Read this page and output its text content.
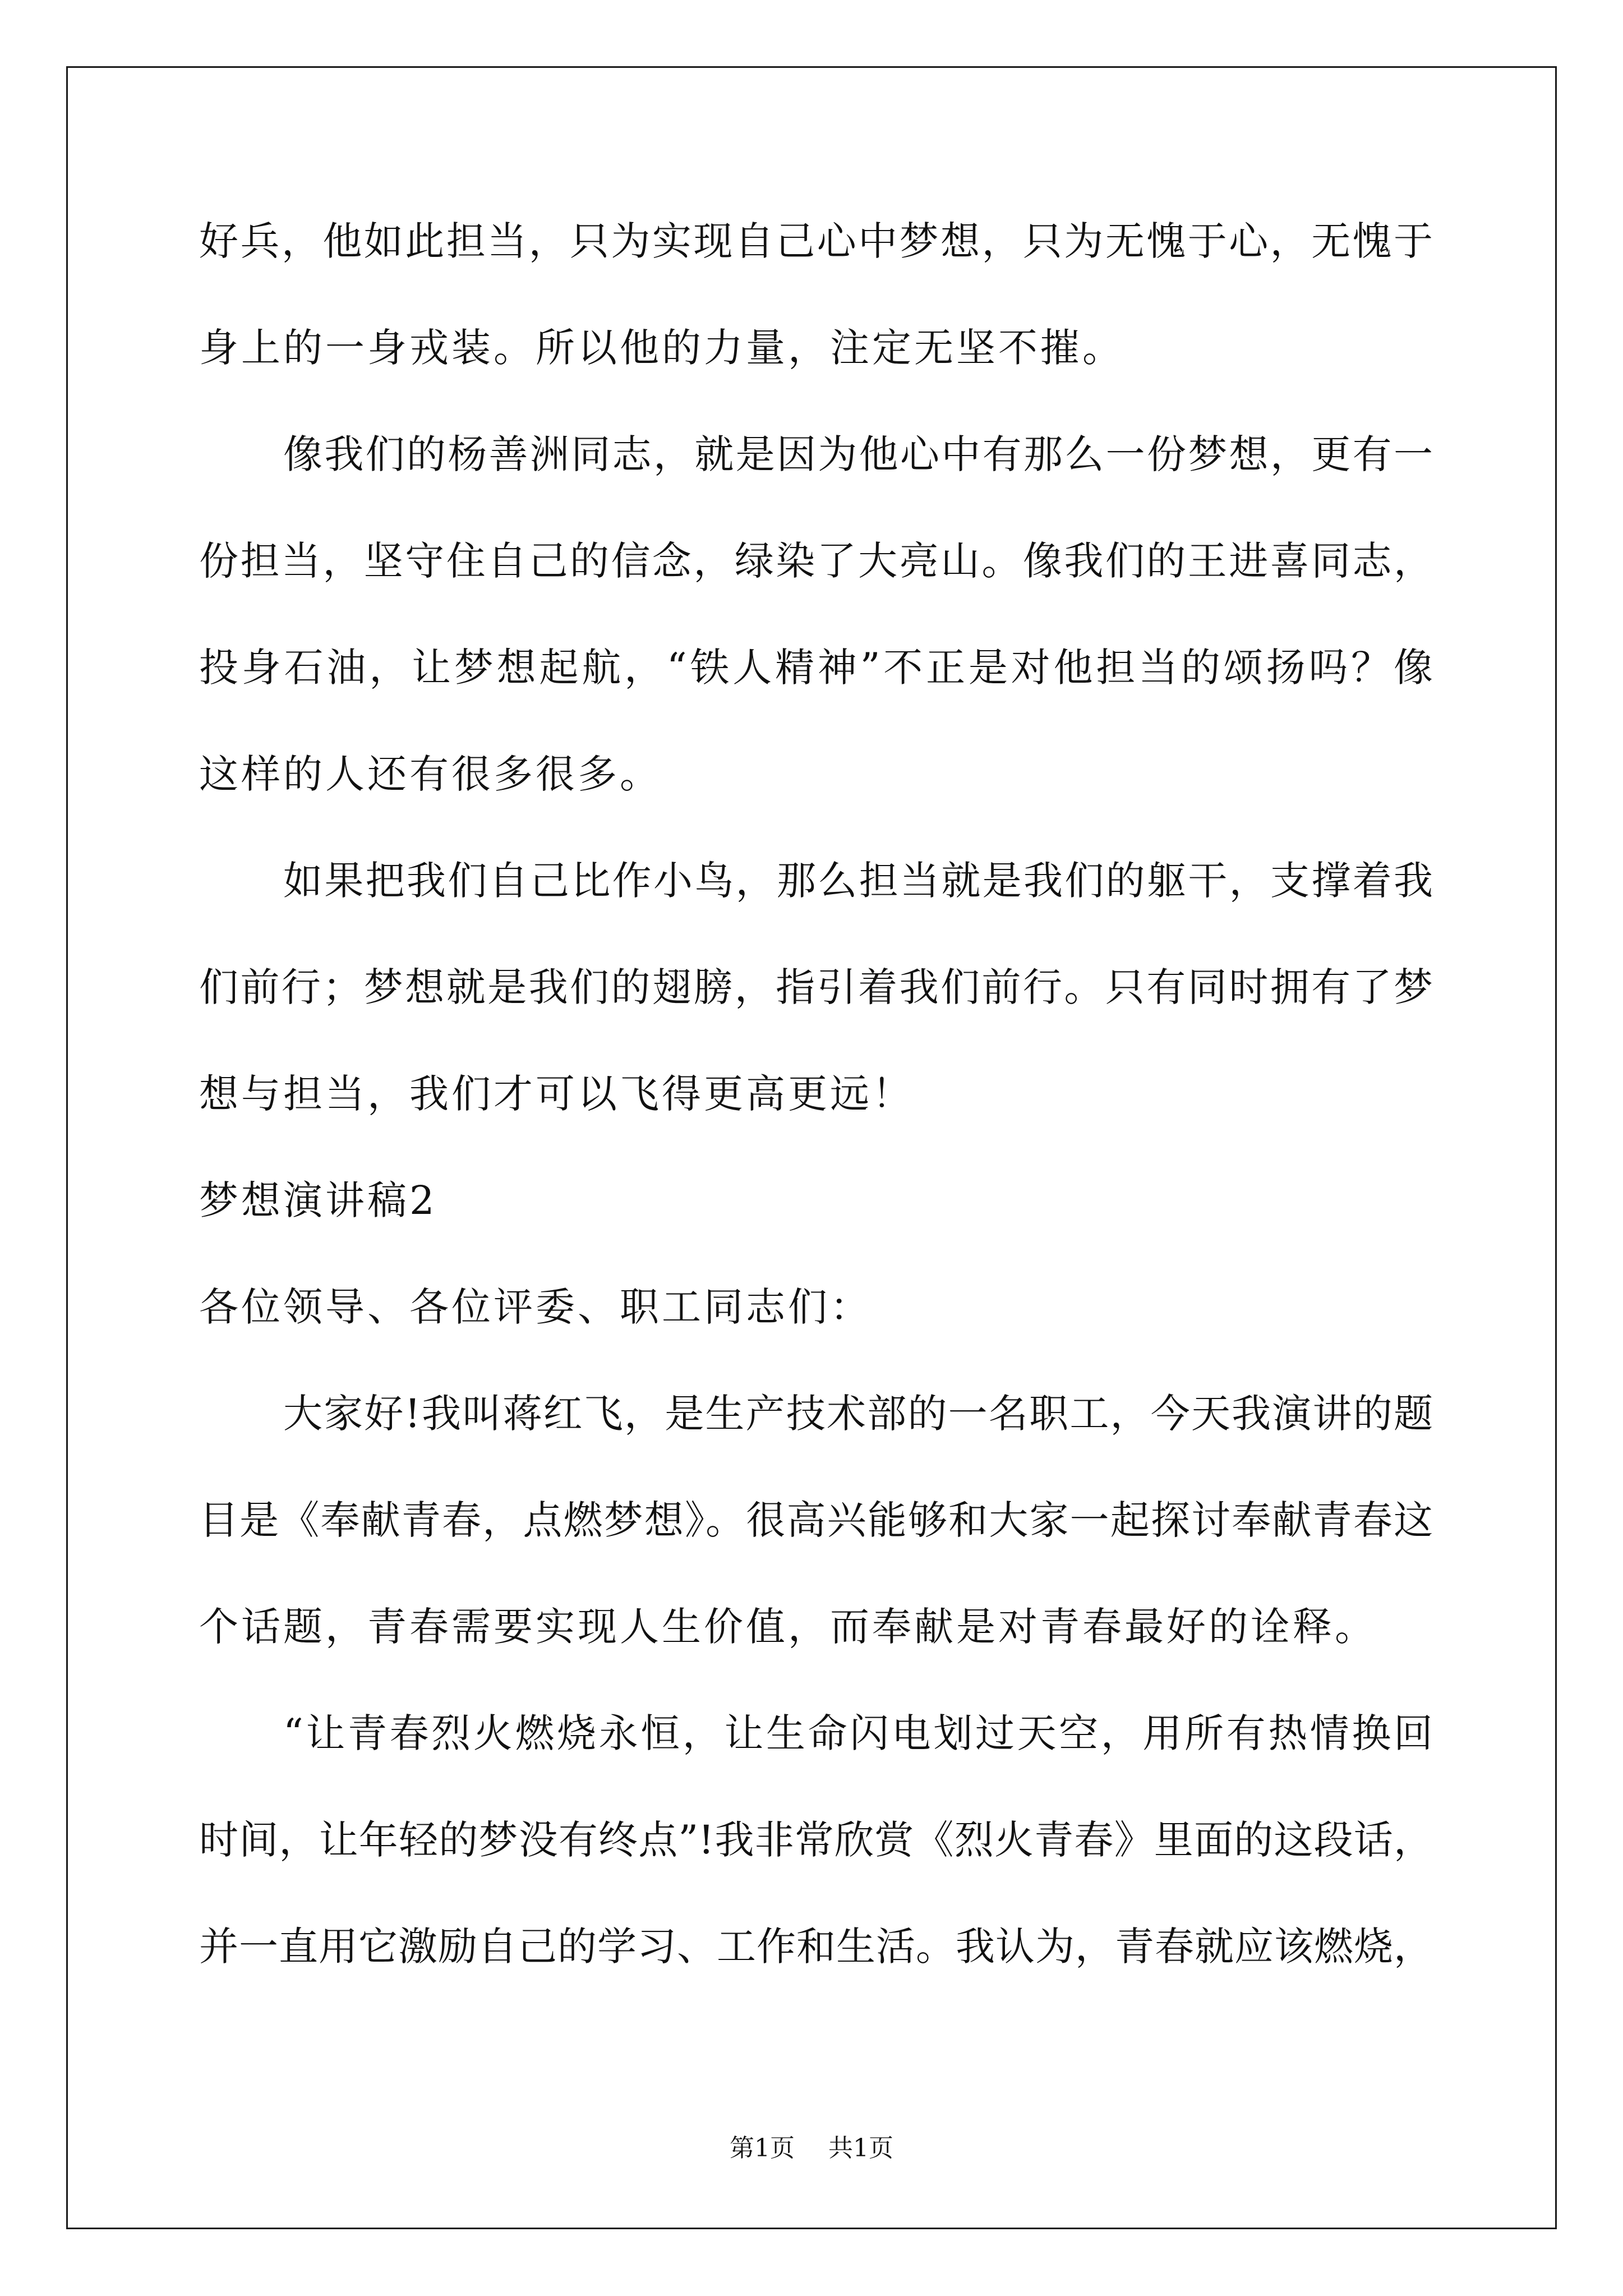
好兵，他如此担当，只为实现自己心中梦想，只为无愧于心，无愧于
身上的一身戎装。所以他的力量，注定无坚不摧。
像我们的杨善洲同志，就是因为他心中有那么一份梦想，更有一
份担当，坚守住自己的信念，绿染了大亮山。像我们的王进喜同志，
投身石油，让梦想起航，“铁人精神”不正是对他担当的颂扬吗？像
这样的人还有很多很多。
如果把我们自己比作小鸟，那么担当就是我们的躯干，支撑着我
们前行；梦想就是我们的翅膀，指引着我们前行。只有同时拥有了梦
想与担当，我们才可以飞得更高更远！
梦想演讲稿2
各位领导、各位评委、职工同志们：
大家好!我叫蒋红飞，是生产技术部的一名职工，今天我演讲的题
目是《奉献青春，点燃梦想》。很高兴能够和大家一起探讨奉献青春这
个话题，青春需要实现人生价值，而奉献是对青春最好的诠释。
“让青春烈火燃烧永恒，让生命闪电划过天空，用所有热情换回
时间，让年轻的梦没有终点”!我非常欣赏《烈火青春》里面的这段话，
并一直用它激励自己的学习、工作和生活。我认为，青春就应该燃烧，
第1页 共1页
